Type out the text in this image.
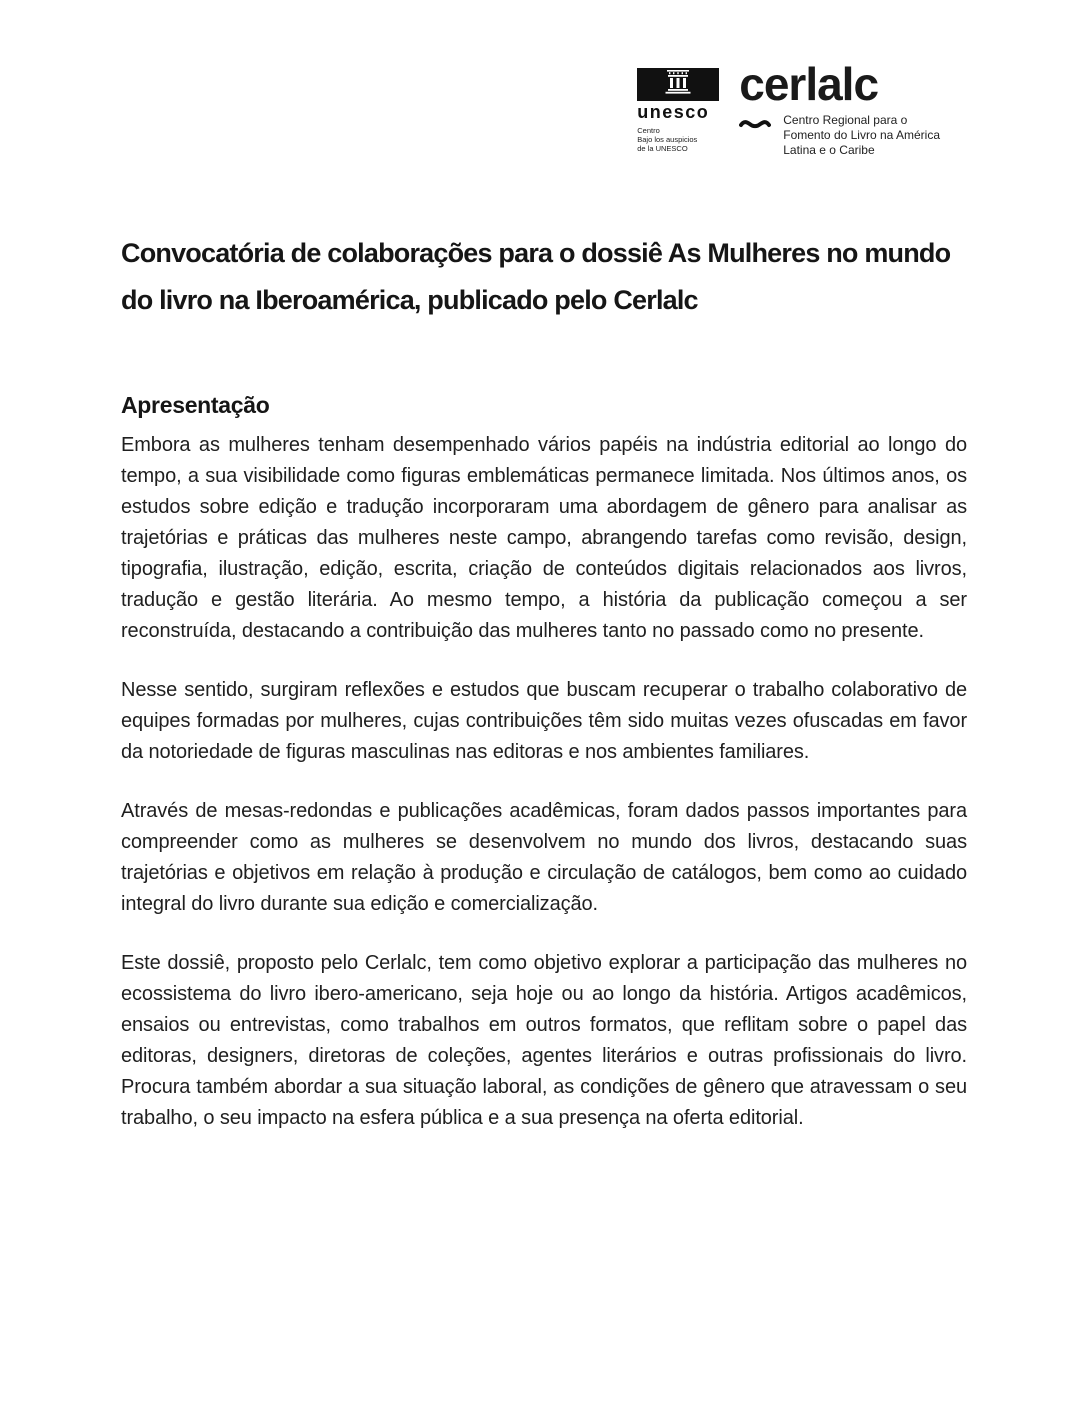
unesco
Centro
Bajo los auspicios
de la UNESCO
cerlalc
Centro Regional para o
Fomento do Livro na América
Latina e o Caribe
Convocatória de colaborações para o dossiê As Mulheres no mundo do livro na Iberoamérica, publicado pelo Cerlalc
Apresentação

Embora as mulheres tenham desempenhado vários papéis na indústria editorial ao longo do tempo, a sua visibilidade como figuras emblemáticas permanece limitada. Nos últimos anos, os estudos sobre edição e tradução incorporaram uma abordagem de gênero para analisar as trajetórias e práticas das mulheres neste campo, abrangendo tarefas como revisão, design, tipografia, ilustração, edição, escrita, criação de conteúdos digitais relacionados aos livros, tradução e gestão literária. Ao mesmo tempo, a história da publicação começou a ser reconstruída, destacando a contribuição das mulheres tanto no passado como no presente.

Nesse sentido, surgiram reflexões e estudos que buscam recuperar o trabalho colaborativo de equipes formadas por mulheres, cujas contribuições têm sido muitas vezes ofuscadas em favor da notoriedade de figuras masculinas nas editoras e nos ambientes familiares.

Através de mesas-redondas e publicações acadêmicas, foram dados passos importantes para compreender como as mulheres se desenvolvem no mundo dos livros, destacando suas trajetórias e objetivos em relação à produção e circulação de catálogos, bem como ao cuidado integral do livro durante sua edição e comercialização.

Este dossiê, proposto pelo Cerlalc, tem como objetivo explorar a participação das mulheres no ecossistema do livro ibero-americano, seja hoje ou ao longo da história. Artigos acadêmicos, ensaios ou entrevistas, como trabalhos em outros formatos, que reflitam sobre o papel das editoras, designers, diretoras de coleções, agentes literários e outras profissionais do livro. Procura também abordar a sua situação laboral, as condições de gênero que atravessam o seu trabalho, o seu impacto na esfera pública e a sua presença na oferta editorial.
